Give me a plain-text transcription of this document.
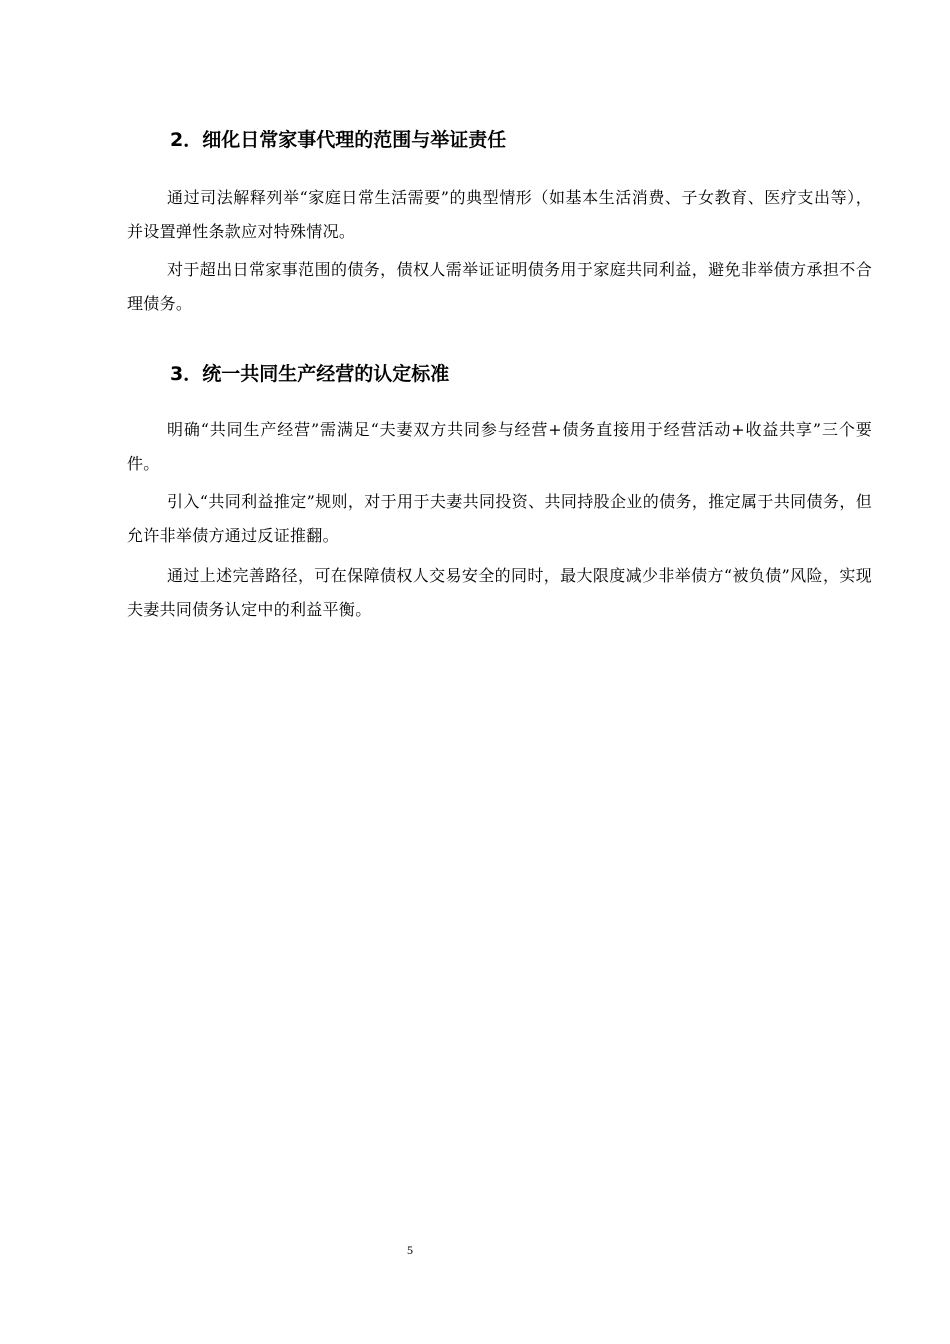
2．细化日常家事代理的范围与举证责任

通过司法解释列举“家庭日常生活需要”的典型情形（如基本生活消费、子女教育、医疗支出等），并设置弹性条款应对特殊情况。

对于超出日常家事范围的债务，债权人需举证证明债务用于家庭共同利益，避免非举债方承担不合理债务。

3．统一共同生产经营的认定标准

明确“共同生产经营”需满足“夫妻双方共同参与经营+债务直接用于经营活动+收益共享”三个要件。

引入“共同利益推定”规则，对于用于夫妻共同投资、共同持股企业的债务，推定属于共同债务，但允许非举债方通过反证推翻。

通过上述完善路径，可在保障债权人交易安全的同时，最大限度减少非举债方“被负债”风险，实现夫妻共同债务认定中的利益平衡。

5
